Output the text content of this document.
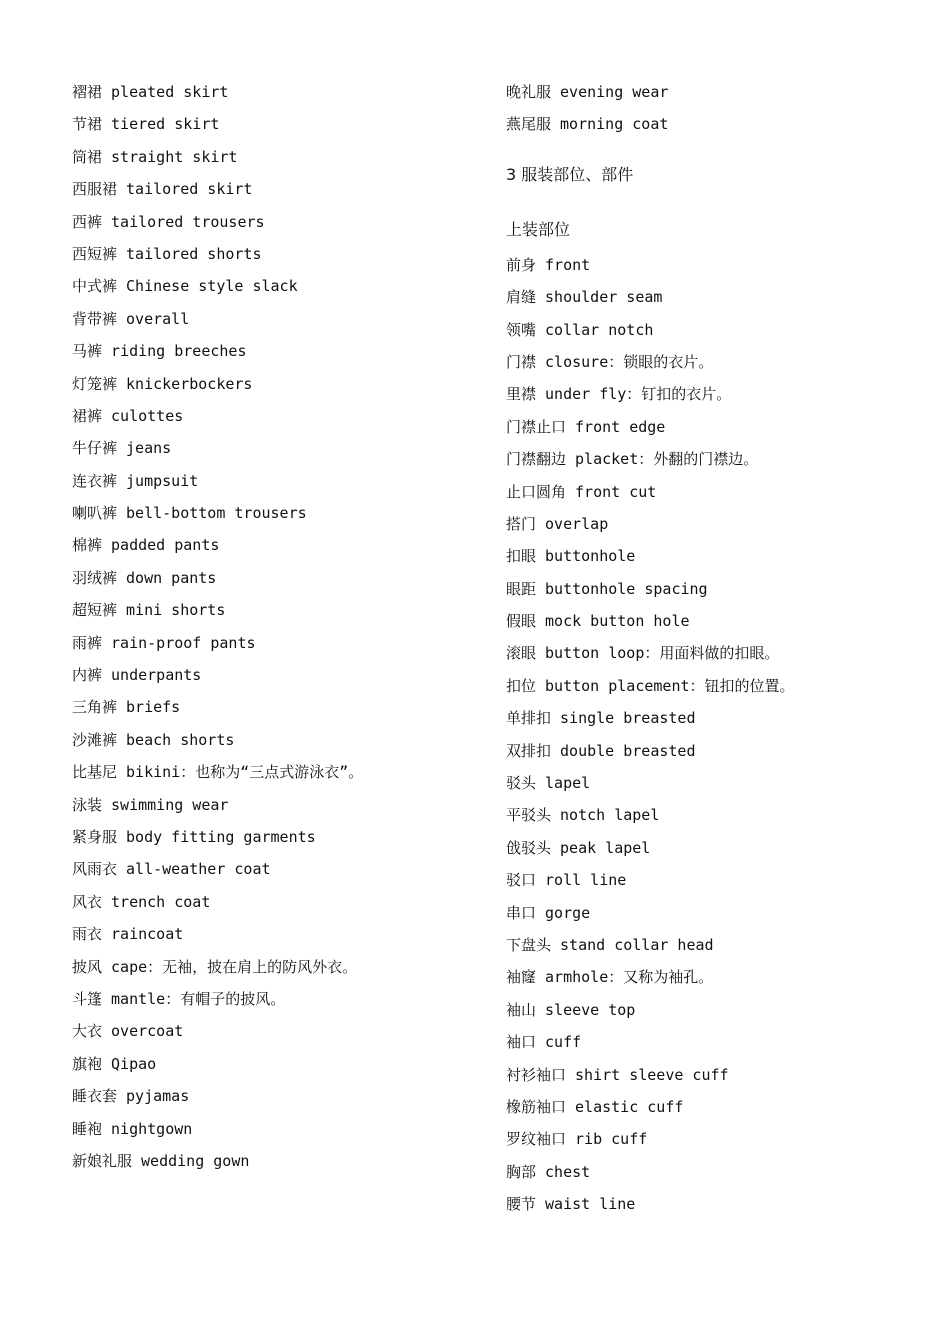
褶裙 pleated skirt
节裙 tiered skirt
筒裙 straight skirt
西服裙 tailored skirt
西裤 tailored trousers
西短裤 tailored shorts
中式裤 Chinese style slack
背带裤 overall
马裤 riding breeches
灯笼裤 knickerbockers
裙裤 culottes
牛仔裤 jeans
连衣裤 jumpsuit
喇叭裤 bell-bottom trousers
棉裤 padded pants
羽绒裤 down pants
超短裤 mini shorts
雨裤 rain-proof pants
内裤 underpants
三角裤 briefs
沙滩裤 beach shorts
比基尼 bikini：也称为“三点式游泳衣”。
泳装 swimming wear
紧身服 body fitting garments
风雨衣 all-weather coat
风衣 trench coat
雨衣 raincoat
披风 cape：无袖，披在肩上的防风外衣。
斗篷 mantle：有帽子的披风。
大衣 overcoat
旗袍 Qipao
睡衣套 pyjamas
睡袍 nightgown
新娘礼服 wedding gown
晚礼服 evening wear
燕尾服 morning coat
3 服装部位、部件
上装部位
前身 front
肩缝 shoulder seam
领嘴 collar notch
门襟 closure：锁眼的衣片。
里襟 under fly：钉扣的衣片。
门襟止口 front edge
门襟翻边 placket：外翻的门襟边。
止口圆角 front cut
搭门 overlap
扣眼 buttonhole
眼距 buttonhole spacing
假眼 mock button hole
滚眼 button loop：用面料做的扣眼。
扣位 button placement：钮扣的位置。
单排扣 single breasted
双排扣 double breasted
驳头 lapel
平驳头 notch lapel
戗驳头 peak lapel
驳口 roll line
串口 gorge
下盘头 stand collar head
袖窿 armhole：又称为袖孔。
袖山 sleeve top
袖口 cuff
衬衫袖口 shirt sleeve cuff
橡筋袖口 elastic cuff
罗纹袖口 rib cuff
胸部 chest
腰节 waist line
